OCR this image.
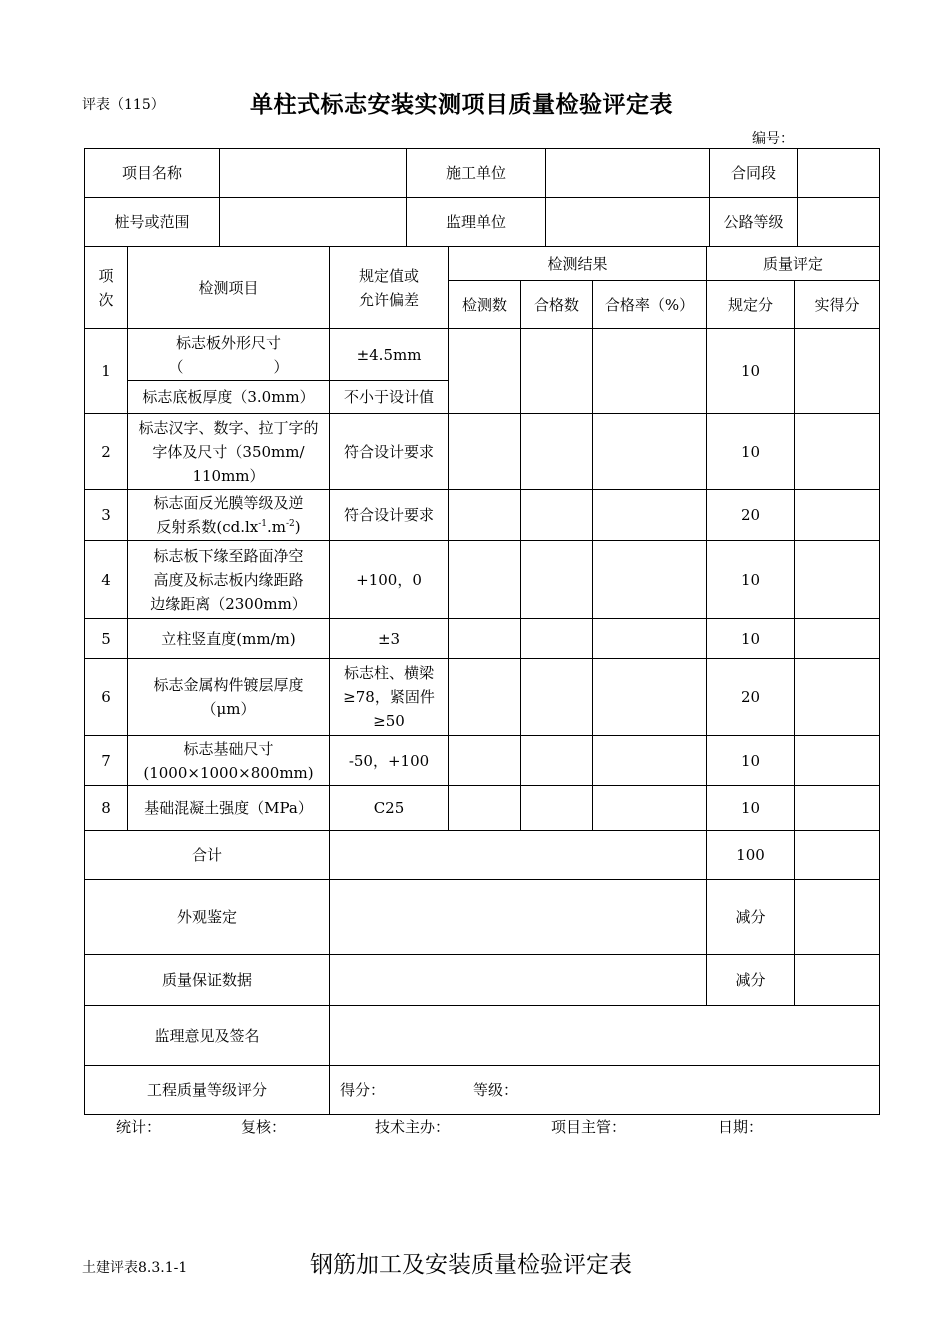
评表（115）	单柱式标志安装实测项目质量检验评定表
编号：
项目名称 施工单位 合同段							

桩号或范围 监理单位 公路等级							

项
次	检测项目	规定值或
允许偏差	检测结果			质量评定	
			检测数	合格数	合格率（%）	规定分	实得分
1	标志板外形尺寸
（　　　　　　）	±4.5mm				10	
	标志底板厚度（3.0mm）	不小于设计值					
2	标志汉字、数字、拉丁字的
字体及尺寸（350mm/
110mm）	符合设计要求				10	
3	标志面反光膜等级及逆
反射系数$(cd.lx^{-1}.m^{-2})$	符合设计要求				20	
4	标志板下缘至路面净空
高度及标志板内缘距路
边缘距离（2300mm）	+100，0				10	
5	立柱竖直度(mm/m)	±3				10	
6	标志金属构件镀层厚度
（μm）	标志柱、横梁
≥78，紧固件
≥50				20	
7	标志基础尺寸
(1000×1000×800mm)	-50，+100				10	
8	基础混凝土强度（MPa）	C25				10	
合计						100	
外观鉴定						减分	
质量保证数据						减分	
监理意见及签名							
工程质量等级评分		得分： 等级：					
统计：	复核：	技术主办：	项目主管：	日期：
土建评表8.3.1-1	钢筋加工及安装质量检验评定表
